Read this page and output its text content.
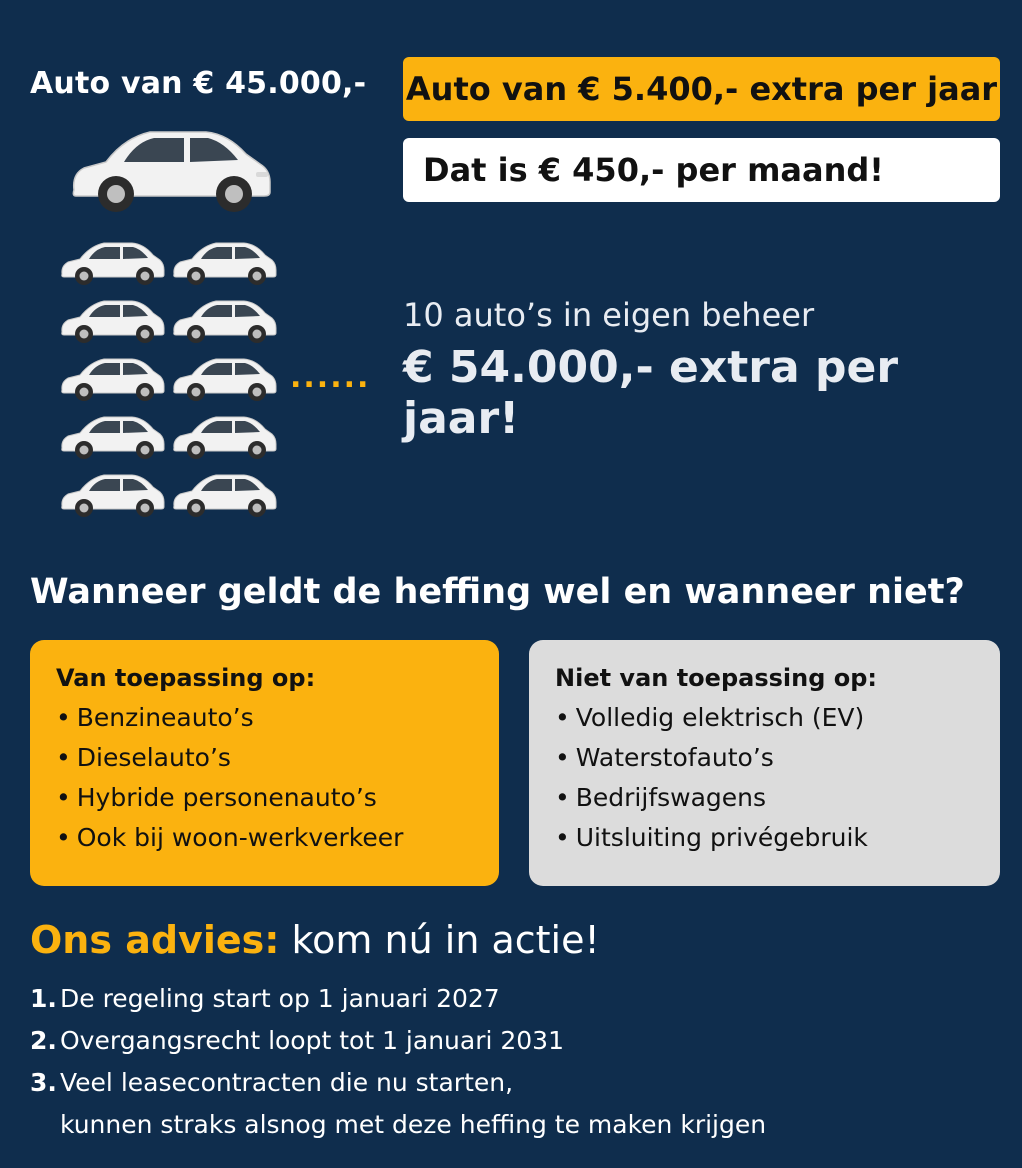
Auto van € 45.000,- Auto van € 5.400,- extra per jaar
Dat is € 450,- per maand!
......
10 auto’s in eigen beheer
€ 54.000,- extra per jaar!
Wanneer geldt de heffing wel en wanneer niet?
Van toepassing op:
• Benzineauto’s
• Dieselauto’s
• Hybride personenauto’s
• Ook bij woon-werkverkeer
Niet van toepassing op:
• Volledig elektrisch (EV)
• Waterstofauto’s
• Bedrijfswagens
• Uitsluiting privégebruik
Ons advies: kom nú in actie!
1. De regeling start op 1 januari 2027
2. Overgangsrecht loopt tot 1 januari 2031
3. Veel leasecontracten die nu starten,
kunnen straks alsnog met deze heffing te maken krijgen
